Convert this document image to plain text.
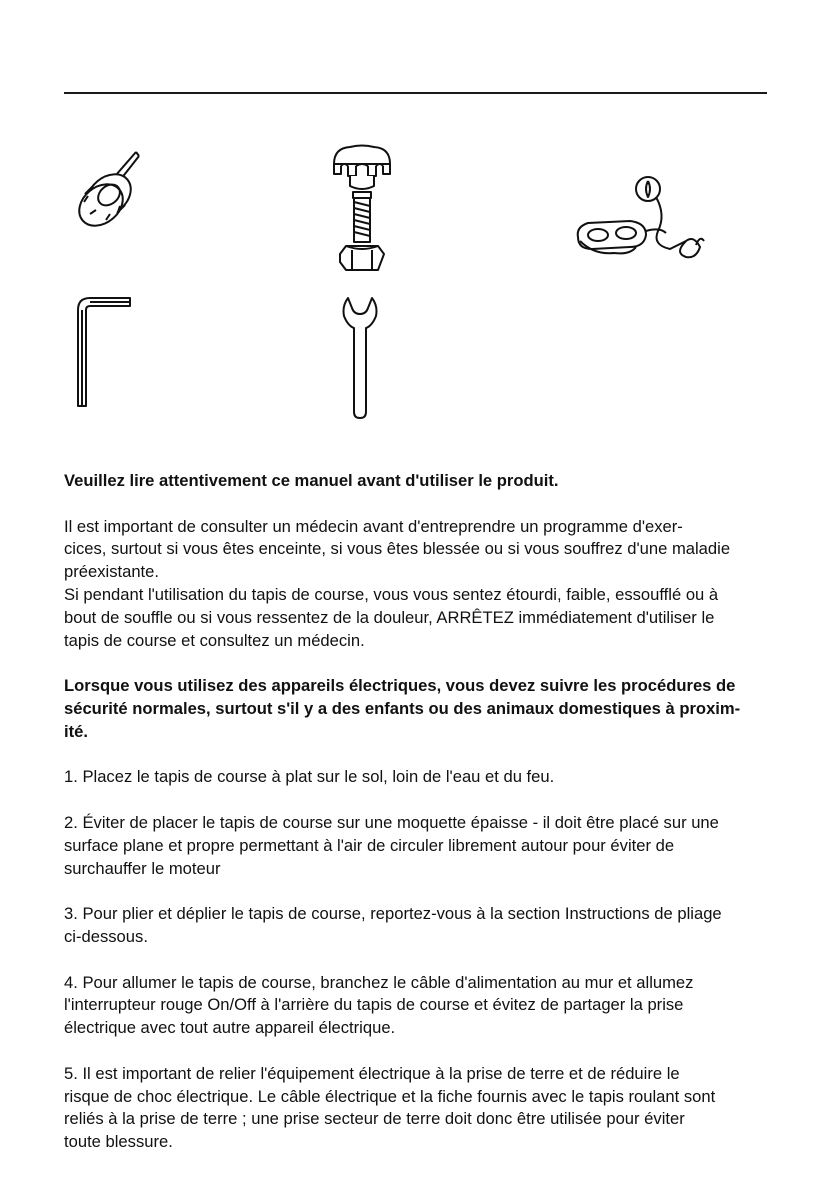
Veuillez lire attentivement ce manuel avant d'utiliser le produit.

Il est important de consulter un médecin avant d'entreprendre un programme d'exer-
cices, surtout si vous êtes enceinte, si vous êtes blessée ou si vous souffrez d'une maladie
préexistante.
Si pendant l'utilisation du tapis de course, vous vous sentez étourdi, faible, essoufflé ou à
bout de souffle ou si vous ressentez de la douleur, ARRÊTEZ immédiatement d'utiliser le
tapis de course et consultez un médecin.

Lorsque vous utilisez des appareils électriques, vous devez suivre les procédures de
sécurité normales, surtout s'il y a des enfants ou des animaux domestiques à proxim-
ité.

1. Placez le tapis de course à plat sur le sol, loin de l'eau et du feu.

2. Éviter de placer le tapis de course sur une moquette épaisse - il doit être placé sur une
surface plane et propre permettant à l'air de circuler librement autour pour éviter de
surchauffer le moteur

3. Pour plier et déplier le tapis de course, reportez-vous à la section Instructions de pliage
ci-dessous.

4. Pour allumer le tapis de course, branchez le câble d'alimentation au mur et allumez
l'interrupteur rouge On/Off à l'arrière du tapis de course et évitez de partager la prise
électrique avec tout autre appareil électrique.

5. Il est important de relier l'équipement électrique à la prise de terre et de réduire le
risque de choc électrique. Le câble électrique et la fiche fournis avec le tapis roulant sont
reliés à la prise de terre ; une prise secteur de terre doit donc être utilisée pour éviter
toute blessure.
